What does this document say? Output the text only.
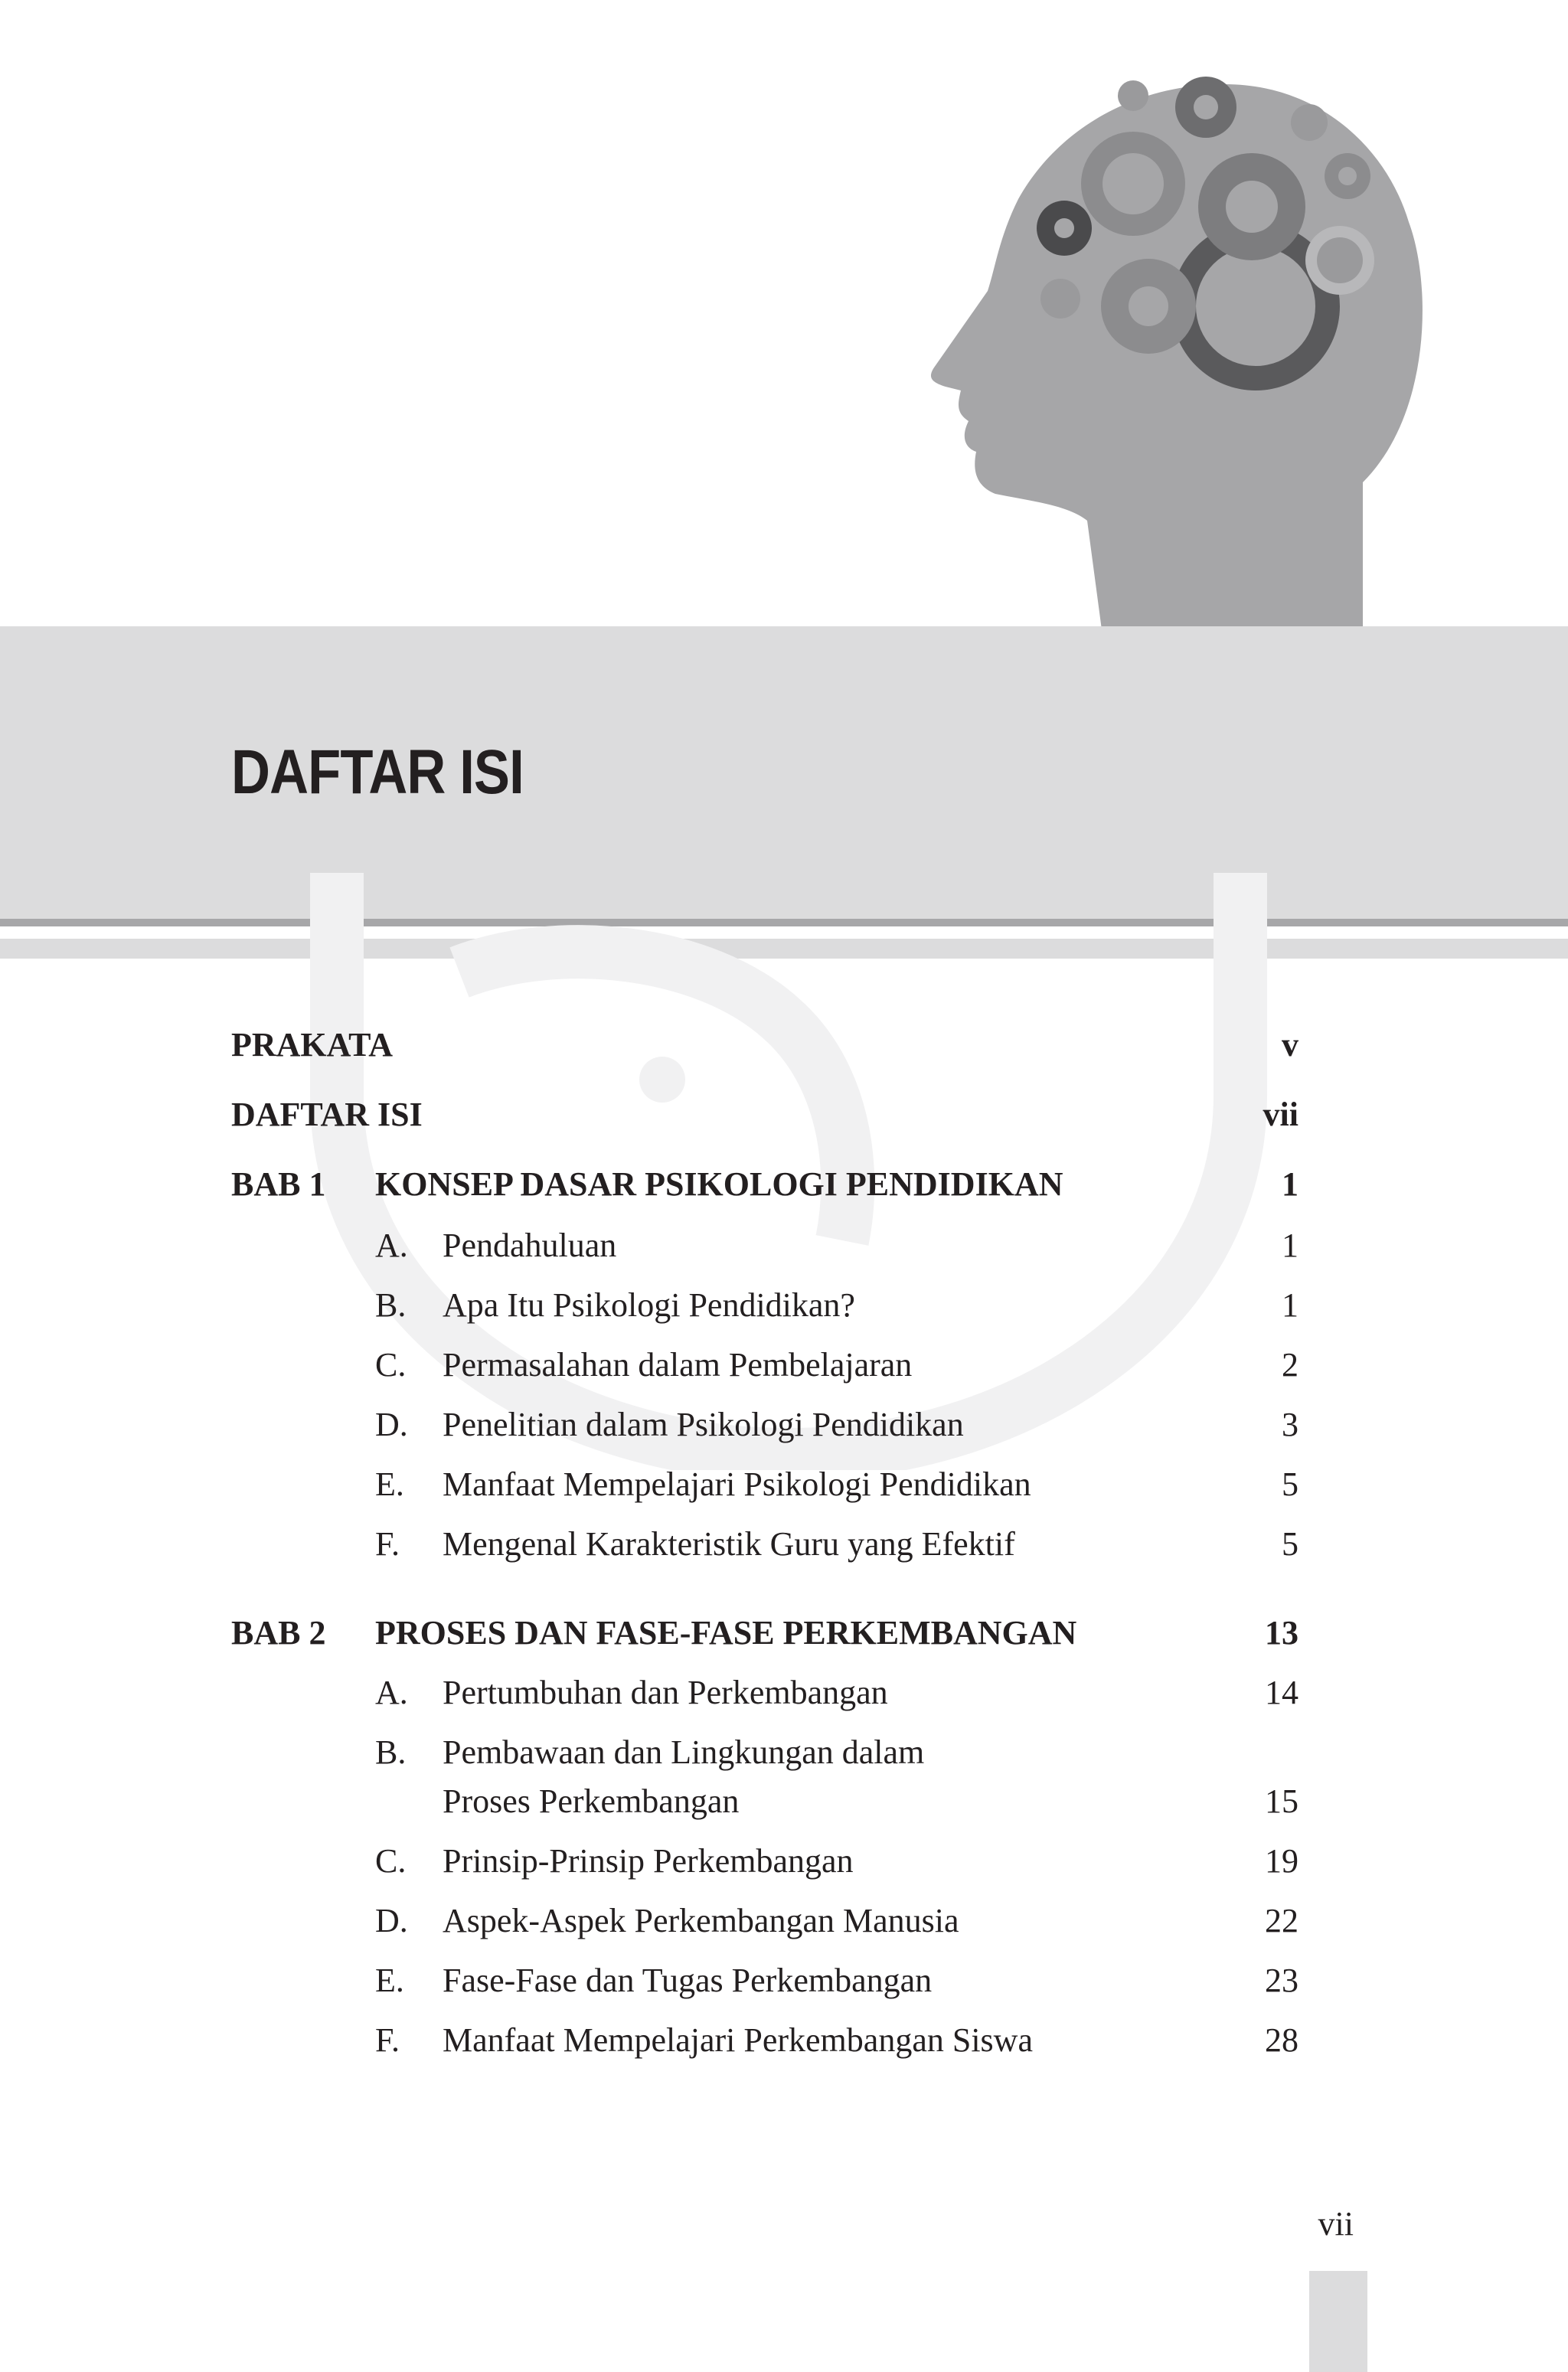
DAFTAR ISI
PRAKATA	v
DAFTAR ISI	vii
BAB 1 KONSEP DASAR PSIKOLOGI PENDIDIKAN	1
A. Pendahuluan	1
B. Apa Itu Psikologi Pendidikan?	1
C. Permasalahan dalam Pembelajaran	2
D. Penelitian dalam Psikologi Pendidikan	3
E. Manfaat Mempelajari Psikologi Pendidikan	5
F. Mengenal Karakteristik Guru yang Efektif	5
BAB 2 PROSES DAN FASE-FASE PERKEMBANGAN	13
A. Pertumbuhan dan Perkembangan	14
B. Pembawaan dan Lingkungan dalam
Proses Perkembangan	15
C. Prinsip-Prinsip Perkembangan	19
D. Aspek-Aspek Perkembangan Manusia	22
E. Fase-Fase dan Tugas Perkembangan	23
F. Manfaat Mempelajari Perkembangan Siswa	28
vii
